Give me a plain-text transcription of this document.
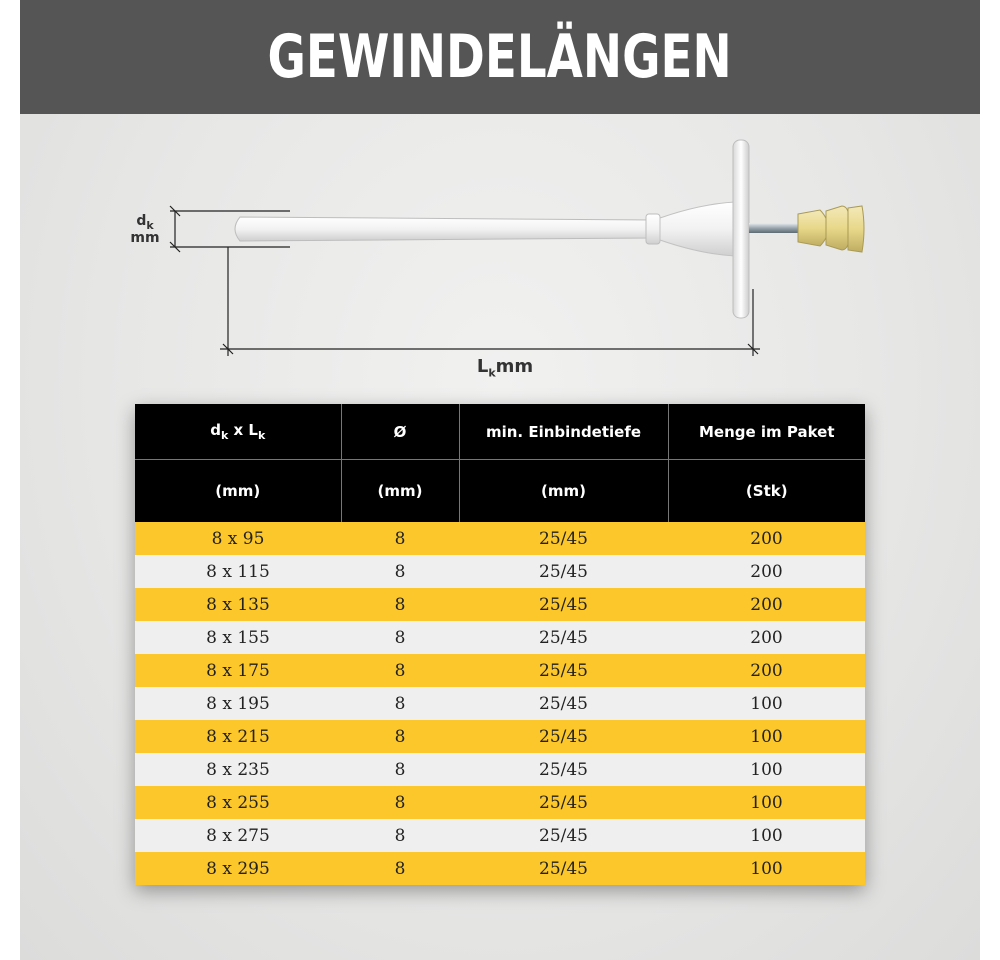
GEWINDELÄNGEN
$d_k$
mm
$L_kmm$
$d_k$ x $L_k$	Ø	min. Einbindetiefe	Menge im Paket
(mm)	(mm)	(mm)	(Stk)
8 x 95	8	25/45	200
8 x 115	8	25/45	200
8 x 135	8	25/45	200
8 x 155	8	25/45	200
8 x 175	8	25/45	200
8 x 195	8	25/45	100
8 x 215	8	25/45	100
8 x 235	8	25/45	100
8 x 255	8	25/45	100
8 x 275	8	25/45	100
8 x 295	8	25/45	100
